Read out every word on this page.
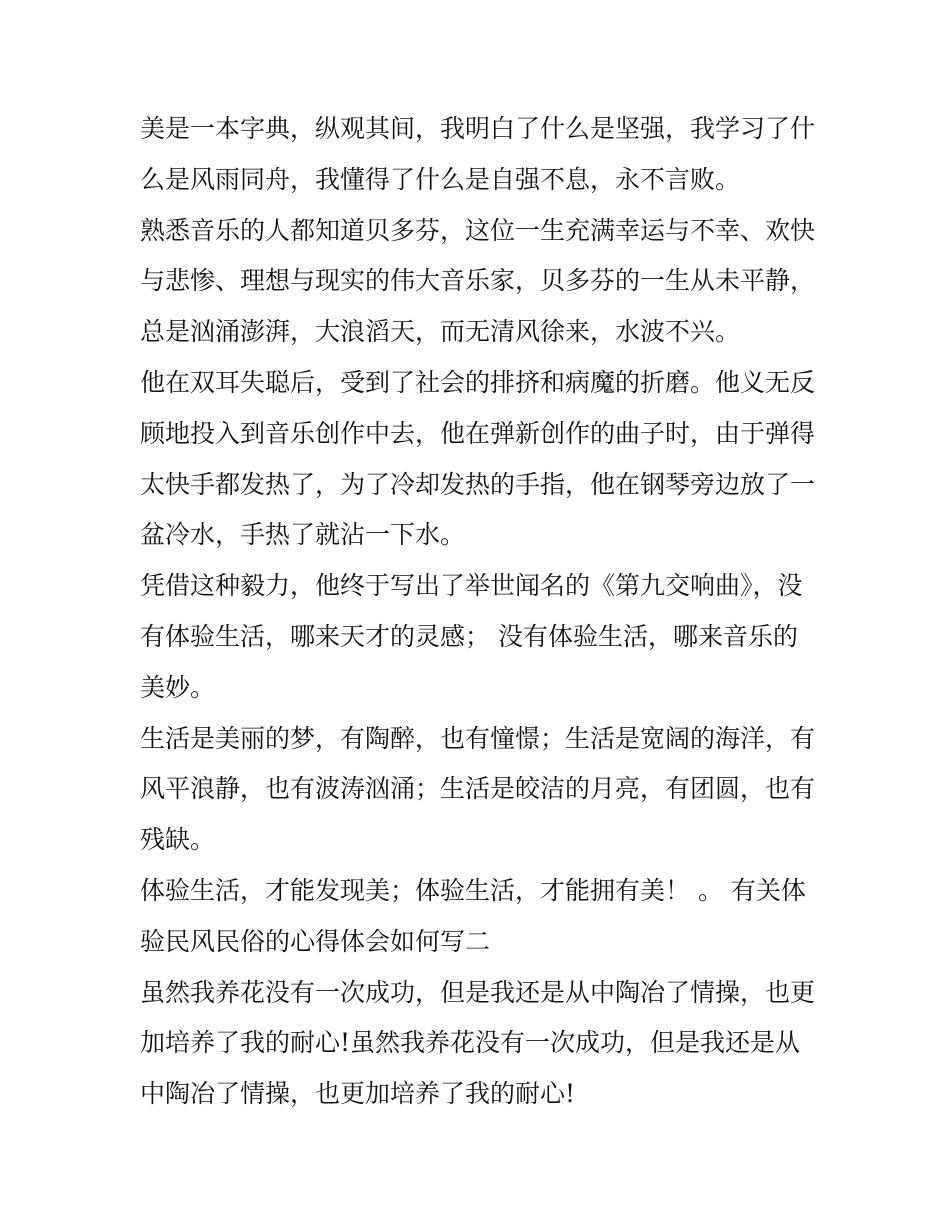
美是一本字典，纵观其间，我明白了什么是坚强，我学习了什
么是风雨同舟，我懂得了什么是自强不息，永不言败。
熟悉音乐的人都知道贝多芬，这位一生充满幸运与不幸、欢快
与悲惨、理想与现实的伟大音乐家，贝多芬的一生从未平静，
总是汹涌澎湃，大浪滔天，而无清风徐来，水波不兴。
他在双耳失聪后，受到了社会的排挤和病魔的折磨。他义无反
顾地投入到音乐创作中去，他在弹新创作的曲子时，由于弹得
太快手都发热了，为了冷却发热的手指，他在钢琴旁边放了一
盆冷水，手热了就沾一下水。
凭借这种毅力，他终于写出了举世闻名的《第九交响曲》，没
有体验生活，哪来天才的灵感； 没有体验生活，哪来音乐的
美妙。
生活是美丽的梦，有陶醉，也有憧憬；生活是宽阔的海洋，有
风平浪静，也有波涛汹涌；生活是皎洁的月亮，有团圆，也有
残缺。
体验生活，才能发现美；体验生活，才能拥有美！ 。 有关体
验民风民俗的心得体会如何写二
虽然我养花没有一次成功，但是我还是从中陶冶了情操，也更
加培养了我的耐心!虽然我养花没有一次成功，但是我还是从
中陶冶了情操，也更加培养了我的耐心!
